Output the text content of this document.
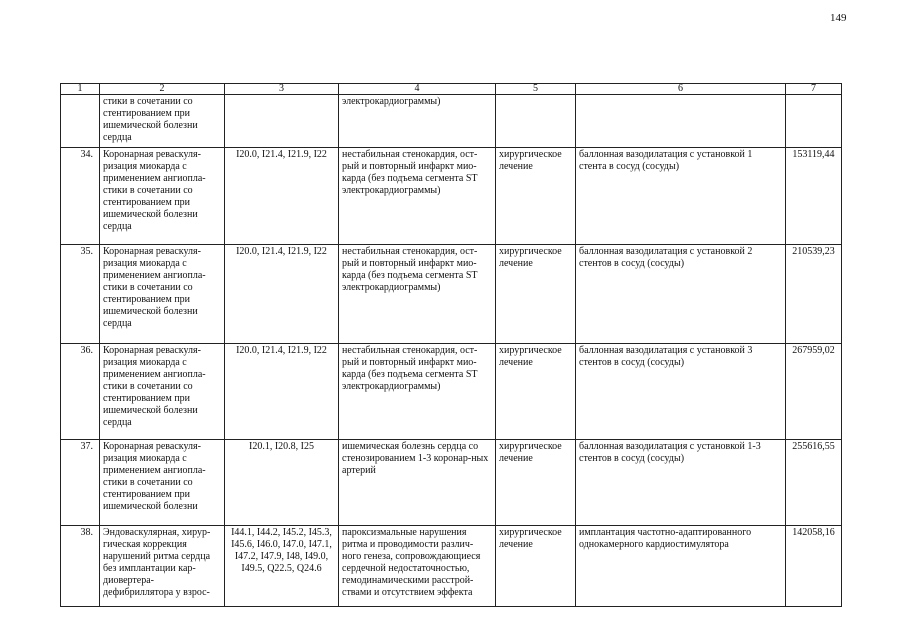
149
1	2	3	4	5	6	7
	стики в сочетании со стентированием при ишемической болезни сердца		электрокардиограммы)			
34.	Коронарная реваскуля-ризация миокарда с применением ангиопла-стики в сочетании со стентированием при ишемической болезни сердца	I20.0, I21.4, I21.9, I22	нестабильная стенокардия, ост-рый и повторный инфаркт мио-карда (без подъема сегмента ST электрокардиограммы)	хирургическое лечение	баллонная вазодилатация с установкой 1 стента в сосуд (сосуды)	153119,44
35.	Коронарная реваскуля-ризация миокарда с применением ангиопла-стики в сочетании со стентированием при ишемической болезни сердца	I20.0, I21.4, I21.9, I22	нестабильная стенокардия, ост-рый и повторный инфаркт мио-карда (без подъема сегмента ST электрокардиограммы)	хирургическое лечение	баллонная вазодилатация с установкой 2 стентов в сосуд (сосуды)	210539,23
36.	Коронарная реваскуля-ризация миокарда с применением ангиопла-стики в сочетании со стентированием при ишемической болезни сердца	I20.0, I21.4, I21.9, I22	нестабильная стенокардия, ост-рый и повторный инфаркт мио-карда (без подъема сегмента ST электрокардиограммы)	хирургическое лечение	баллонная вазодилатация с установкой 3 стентов в сосуд (сосуды)	267959,02
37.	Коронарная реваскуля-ризация миокарда с применением ангиопла-стики в сочетании со стентированием при ишемической болезни	I20.1, I20.8, I25	ишемическая болезнь сердца со стенозированием 1-3 коронар-ных артерий	хирургическое лечение	баллонная вазодилатация с установкой 1-3 стентов в сосуд (сосуды)	255616,55
38.	Эндоваскулярная, хирур-гическая коррекция нарушений ритма сердца без имплантации кар-диовертера-дефибриллятора у взрос-	I44.1, I44.2, I45.2, I45.3, I45.6, I46.0, I47.0, I47.1, I47.2, I47.9, I48, I49.0, I49.5, Q22.5, Q24.6	пароксизмальные нарушения ритма и проводимости различ-ного генеза, сопровождающиеся сердечной недостаточностью, гемодинамическими расстрой-ствами и отсутствием эффекта	хирургическое лечение	имплантация частотно-адаптированного однокамерного кардиостимулятора	142058,16
